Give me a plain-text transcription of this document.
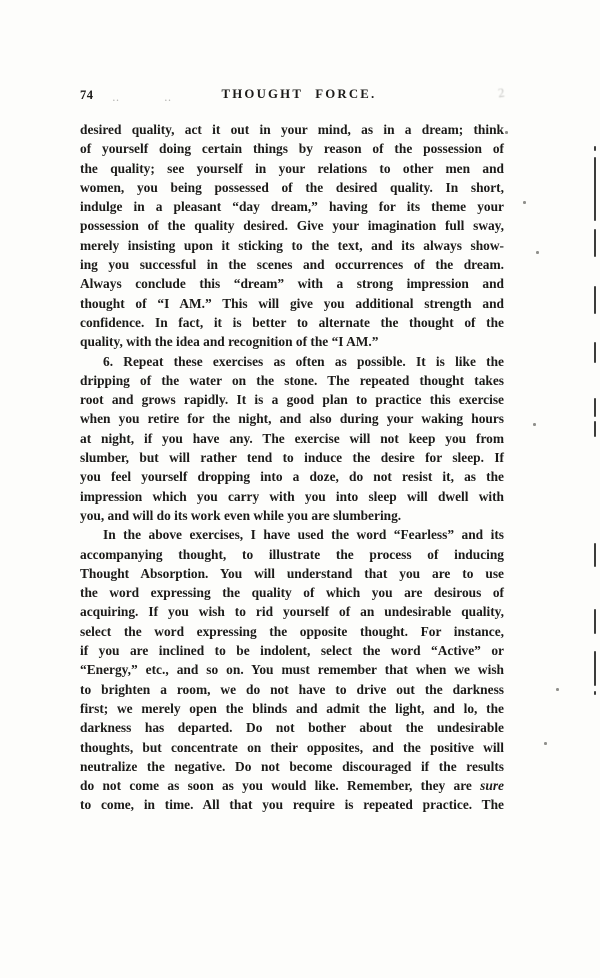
74 ‥	‥	THOUGHT FORCE.	2
desired quality, act it out in your mind, as in a dream; think
of yourself doing certain things by reason of the possession of
the quality; see yourself in your relations to other men and
women, you being possessed of the desired quality. In short,
indulge in a pleasant “day dream,” having for its theme your
possession of the quality desired. Give your imagination full sway,
merely insisting upon it sticking to the text, and its always show-
ing you successful in the scenes and occurrences of the dream.
Always conclude this “dream” with a strong impression and
thought of “I AM.” This will give you additional strength and
confidence. In fact, it is better to alternate the thought of the
quality, with the idea and recognition of the “I AM.”
6. Repeat these exercises as often as possible. It is like the
dripping of the water on the stone. The repeated thought takes
root and grows rapidly. It is a good plan to practice this exercise
when you retire for the night, and also during your waking hours
at night, if you have any. The exercise will not keep you from
slumber, but will rather tend to induce the desire for sleep. If
you feel yourself dropping into a doze, do not resist it, as the
impression which you carry with you into sleep will dwell with
you, and will do its work even while you are slumbering.
In the above exercises, I have used the word “Fearless” and its
accompanying thought, to illustrate the process of inducing
Thought Absorption. You will understand that you are to use
the word expressing the quality of which you are desirous of
acquiring. If you wish to rid yourself of an undesirable quality,
select the word expressing the opposite thought. For instance,
if you are inclined to be indolent, select the word “Active” or
“Energy,” etc., and so on. You must remember that when we wish
to brighten a room, we do not have to drive out the darkness
first; we merely open the blinds and admit the light, and lo, the
darkness has departed. Do not bother about the undesirable
thoughts, but concentrate on their opposites, and the positive will
neutralize the negative. Do not become discouraged if the results
do not come as soon as you would like. Remember, they are sure
to come, in time. All that you require is repeated practice. The
